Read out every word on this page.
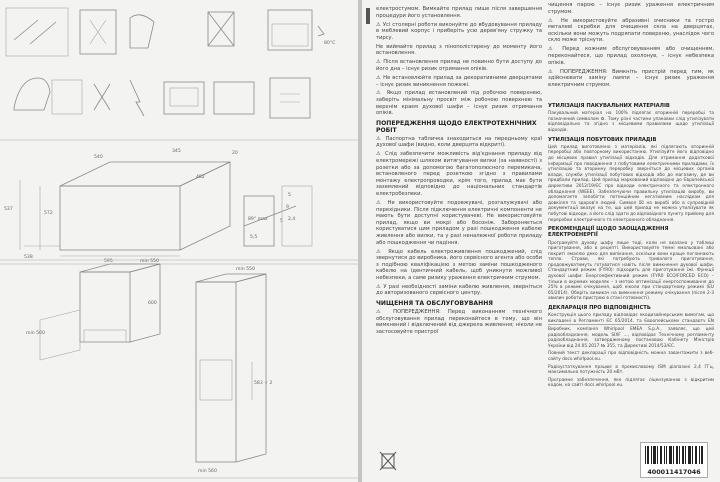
80°C
540
345	20
482
572
595
537
538
89° max
5,5
5
5
9
2,4
min 550
600
min 560
min 550
583 ÷ 2
min 560

електростумом. Вимкайте прилад лише після завершення процедури його установлення.

⚠ Усі столярні роботи виконуйте до вбудовування приладу в меблевий корпус і приберіть усю дерев'яну стружку та тирсу.

Не виймайте прилад з пінополістирену до моменту його встановлення.

⚠ Після встановлення прилад не повинно бути доступу до його дна – існує ризик отримання опіків.

⚠ Не встановлюйте прилад за декоративними дверцятами – існує ризик виникнення пожежі.

⚠ Якщо прилад встановлений під робочою поверхнею, заберіть мінімальну просвіт між робочою поверхнею та верхнім краєм духової шафи – існує ризик отримання опіків.

ПОПЕРЕДЖЕННЯ ЩОДО ЕЛЕКТРОТЕХНІЧНИХ РОБІТ

⚠ Паспортна табличка знаходиться на передньому краї духової шафи (видно, коли дверцята відкриті).

⚠ Слід забезпечити можливість від'єднання приладу від електромережі шляхом витягування вилки (за наявності) з розетки або за допомогою багатополюсного перемикача, встановленого перед розеткою згідно з правилами монтажу електропроводки, крім того, прилад має бути заземлений відповідно до національних стандартів електробезпеки.

⚠ Не використовуйте подовжувачі, розгалужувачі або перехідники. Після підключення електричні компоненти не мають бути доступні користувачеві. Не використовуйте прилад, якщо ви мокрі або босоніж. Забороняється користуватися цим приладом у разі пошкодження кабелю живлення або вилки, та у разі неналежної роботи приладу або пошкодження чи падіння.

⚠ Якщо кабель електроживлення пошкоджений, слід звернутися до виробника, його сервісного агента або особи з подібною кваліфікацією з метою заміни пошкодженого кабелю на ідентичний кабель, щоб уникнути можливої небезпеки, а саме ризику ураження електричним струмом.

⚠ У разі необхідності заміни кабелю живлення, зверніться до авторизованого сервісного центру.

ЧИЩЕННЯ ТА ОБСЛУГОВУВАННЯ

⚠ ПОПЕРЕДЖЕННЯ: Перед виконанням технічного обслуговування прилад переконайтеся в тому, що він вимкнений і відключений від джерела живлення; ніколи не застосовуйте пристрої

чищення парою – існує ризик ураження електричним струмом.

⚠ Не використовуйте абразивні очисники та гостро металеві скребки для очищення скла на дверцятах, оскільки вони можуть подряпати поверхню, унаслідок чого скло може тріснути.

⚠ Перед кожним обслуговуванням або очищенням, переконайтеся, що прилад охолонув, – існує небезпека опіків.

⚠ ПОПЕРЕДЖЕННЯ: Вимкніть пристрій перед тим, як здійснювати заміну лампи – існує ризик ураження електричним струмом.

УТИЛІЗАЦІЯ ПАКУВАЛЬНИХ МАТЕРІАЛІВ

Пакувальний матеріал на 100% підлягає вторинній переробці та позначений символом ♻. Тому різні частини упаковки слід утилізувати відповідально та згідно з місцевими правилами щодо утилізації відходів.

УТИЛІЗАЦІЯ ПОБУТОВИХ ПРИЛАДІВ

Цей прилад виготовлено з матеріалів, які підлягають вторинній переробці або повторному використанню. Утилізуйте його відповідно до місцевих правил утилізації відходів. Для отримання додаткової інформації про поводження з побутовими електричними приладами, їх утилізацію та вторинну переробку зверніться до місцевих органів влади, служби утилізації побутових відходів або до магазину, де ви придбали прилад. Цей прилад маркований відповідно до Європейської директиви 2012/19/ЄС про відходи електричного та електронного обладнання (WEEE). Забезпечуючи правильну утилізацію виробу, ви допомагаєте запобігти потенційним негативним наслідкам для довкілля та здоров'я людей. Символ ⌧ на виробі або в супровідній документації вказує на те, що цей прилад не можна утилізувати як побутові відходи, а його слід здати до відповідного пункту прийому для переробки електричного та електронного обладнання.

РЕКОМЕНДАЦІЇ ЩОДО ЗАОЩАДЖЕННЯ ЕЛЕКТРОЕНЕРГІЇ

Програмуйте духову шафу лише тоді, коли не вказано у таблиці приготування, або в рецепті. Використовуйте темні емальовані або покриті емаллю деко для випікання, оскільки вони краще поглинають тепло. Страви, які потребують тривалого приготування, продовжуватимуть готуватися навіть після вимкнення духової шафи. Стандартний режим (FYR0): підходить для приготування їжі. Функції духової шафи: Енергоефективний режим (FYR0 ECO/FORCED ECO) – тільки в окремих моделях – з метою оптимізації енергоспоживання до 25% в режимі очікування, щоб ніколи при стандартному режимі (EU 65/2014). Оберіть вимикач на вимкнення режиму очікування (після 2-3 хвилин роботи пристрою в стані готовності).

ДЕКЛАРАЦІЯ ПРО ВІДПОВІДНІСТЬ

Конструкція цього приладу відповідає екодизайнерським вимогам, що викладені в Регламенті ЄС 65/2014, та Європейському стандарту EN

Виробник, компанія Whirlpool EMEA S.p.A., заявляє, що цей радіообладнання, модель SIXF ..., відповідає Технічному регламенту радіообладнання, затвердженому постановою Кабінету Міністрів України від 24.05.2017 № 355, та Директиві 2014/53/ЄС.

Повний текст декларації про відповідність можна завантажити з веб-сайту docs.whirlpool.eu.

Радіоустаткування працює в промисловому ISM діапазоні 2,4 ГГц, максимальна потужність 20 мВт.

Програмне забезпечення, яке підлягає ліцензуванню з відкритим кодом, на сайті docs.whirlpool.eu.

400011417046
